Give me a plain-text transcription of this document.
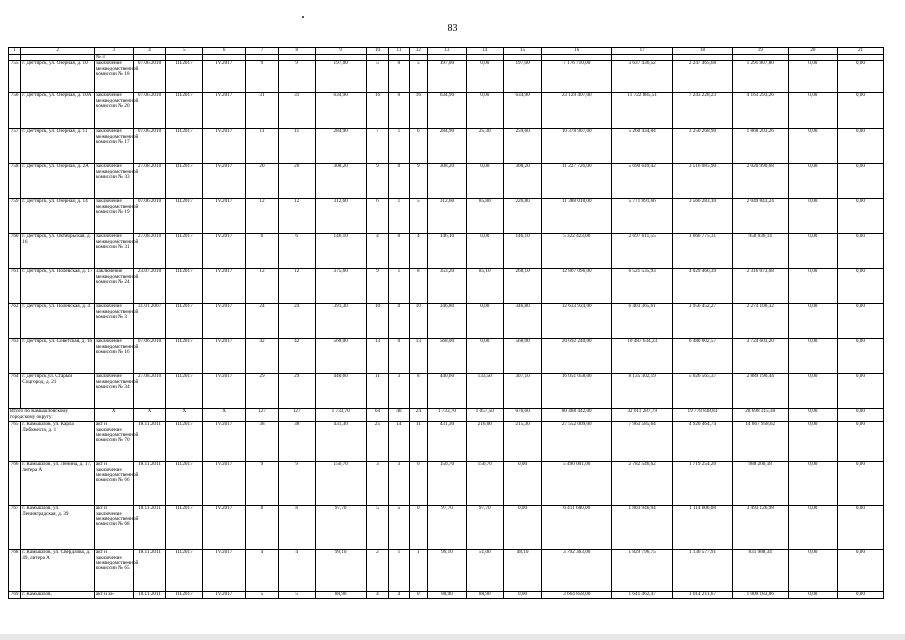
83
1	2	3	4	5	6	7	8	9	10	11	12	13	14	15	16	17	18	19	20	21
		№ 3																		
755	г. Дегтярск, ул. Озерная, д. 10	заключение межведомственной комиссии № 18	07.06.2010	III.2017	IV.2017	9	9	197,00	5	0	5	197,00	0,00	197,00	7 176 710,00	3 637 436,52	2 247 465,68	1 291 807,80	0,00	0,00
756	г. Дегтярск, ул. Озерная, д. 10А	заключение межведомственной комиссии № 20	07.06.2010	III.2017	IV.2017	31	31	634,90	16	0	16	634,90	0,00	634,90	23 129 407,00	11 722 885,51	7 243 228,23	4 163 293,26	0,00	0,00
757	г. Дегтярск, ул. Озерная, д. 11	заключение межведомственной комиссии № 17	07.06.2010	III.2017	IV.2017	11	11	284,90	7	1	6	284,90	25,30	259,60	10 378 907,00	5 260 434,84	3 250 268,90	1 868 203,26	0,00	0,00
758	г. Дегтярск, ул. Озерная, д. 2А	заключение межведомственной комиссии № 33	27.08.2010	III.2017	IV.2017	20	20	308,20	9	0	9	308,20	0,00	308,20	11 227 726,00	5 690 649,42	3 516 085,90	2 020 990,68	0,00	0,00
759	г. Дегтярск, ул. Озерная, д. 14	заключение межведомственной комиссии № 19	07.06.2010	III.2017	IV.2017	12	12	312,60	6	1	5	312,60	85,80	226,80	11 388 018,00	5 771 891,66	3 566 283,10	2 049 843,24	0,00	0,00
760	г. Дегтярск, ул. Октябрьская, д. 16	заключение межведомственной комиссии № 31	27.08.2010	III.2017	IV.2017	6	6	146,10	4	0	4	146,10	0,00	146,10	5 322 423,00	2 697 611,55	1 666 775,31	958 036,14	0,00	0,00
761	г. Дегтярск, ул. Полевская, д. 17	Заключение межведомственной комиссии № 24	23.07.2010	III.2017	IV.2017	12	12	375,60	9	1	8	353,20	85,10	268,10	12 867 096,00	6 521 535,93	4 029 466,39	2 316 073,68	0,00	0,00
762	г. Дегтярск, ул. Полевская, д. 4	заключение межведомственной комиссии № 3	31.01.2007	III.2017	IV.2017	24	24	391,30	10	0	10	346,80	0,00	346,80	12 633 924,00	6 403 365,61	3 956 452,27	2 274 106,32	0,00	0,00
763	г. Дегтярск, ул. Советская, д. 16	заключение межведомственной комиссии № 16	07.06.2010	III.2017	IV.2017	42	42	568,00	13	0	13	568,00	0,00	568,00	20 692 240,00	10 487 634,23	6 480 002,57	3 724 603,20	0,00	0,00
764	г. Дегтярск,ул. Старый Соцгород, д. 21	заключение межведомственной комиссии № 34	27.08.2010	III.2017	IV.2017	29	29	440,60	11	3	8	440,60	133,50	307,10	16 051 058,00	8 135 302,19	5 026 565,37	2 889 190,44	0,00	0,00
Итого по Камышловскому городскому округу:		X	X	X	X	127	127	1 733,70	64	40	24	1 733,70	1 057,50	676,60	80 488 442,00	32 011 287,79	19 778 838,83	28 698 315,38	0,00	0,00
765	г. Камышлов, ул. Карла Либкнехта, д. 1	акт и заключение межведомственной комиссии № 70	18.11.2011	III.2017	IV.2017	38	38	431,30	25	14	11	431,30	216,00	215,30	27 552 009,00	7 963 585,64	4 920 464,74	14 667 958,62	0,00	0,00
766	г. Камышлов, ул. Ленина, д. 17, литера А	акт и заключение межведомственной комиссии № 66	18.11.2011	III.2017	IV.2017	9	9	150,70	3	3	0	150,70	150,70	0,00	5 490 001,00	2 782 546,62	1 719 254,20	988 200,18	0,00	0,00
767	г. Камышлов, ул. Ленинградская, д. 39	акт и заключение межведомственной комиссии № 68	18.11.2011	III.2017	IV.2017	8	8	97,70	5	5	0	97,70	97,70	0,00	6 411 680,00	1 803 946,94	1 114 606,08	3 493 126,98	0,00	0,00
768	г. Камышлов, ул. Свердлова, д. 49, литера А	акт и заключение межведомственной комиссии № 65	18.11.2011	III.2017	IV.2017	4	4	99,10	2	1	1	99,10	51,00	48,10	3 792 363,00	1 829 796,75	1 130 577,91	831 988,34	0,00	0,00
769	г. Камышлов,	акт и за-	18.11.2011	III.2017	IV.2017	5	5	88,90	4	4	0	88,90	88,90	0,00	3 664 858,00	1 641 462,47	1 014 211,67	1 009 183,86	0,00	0,00
